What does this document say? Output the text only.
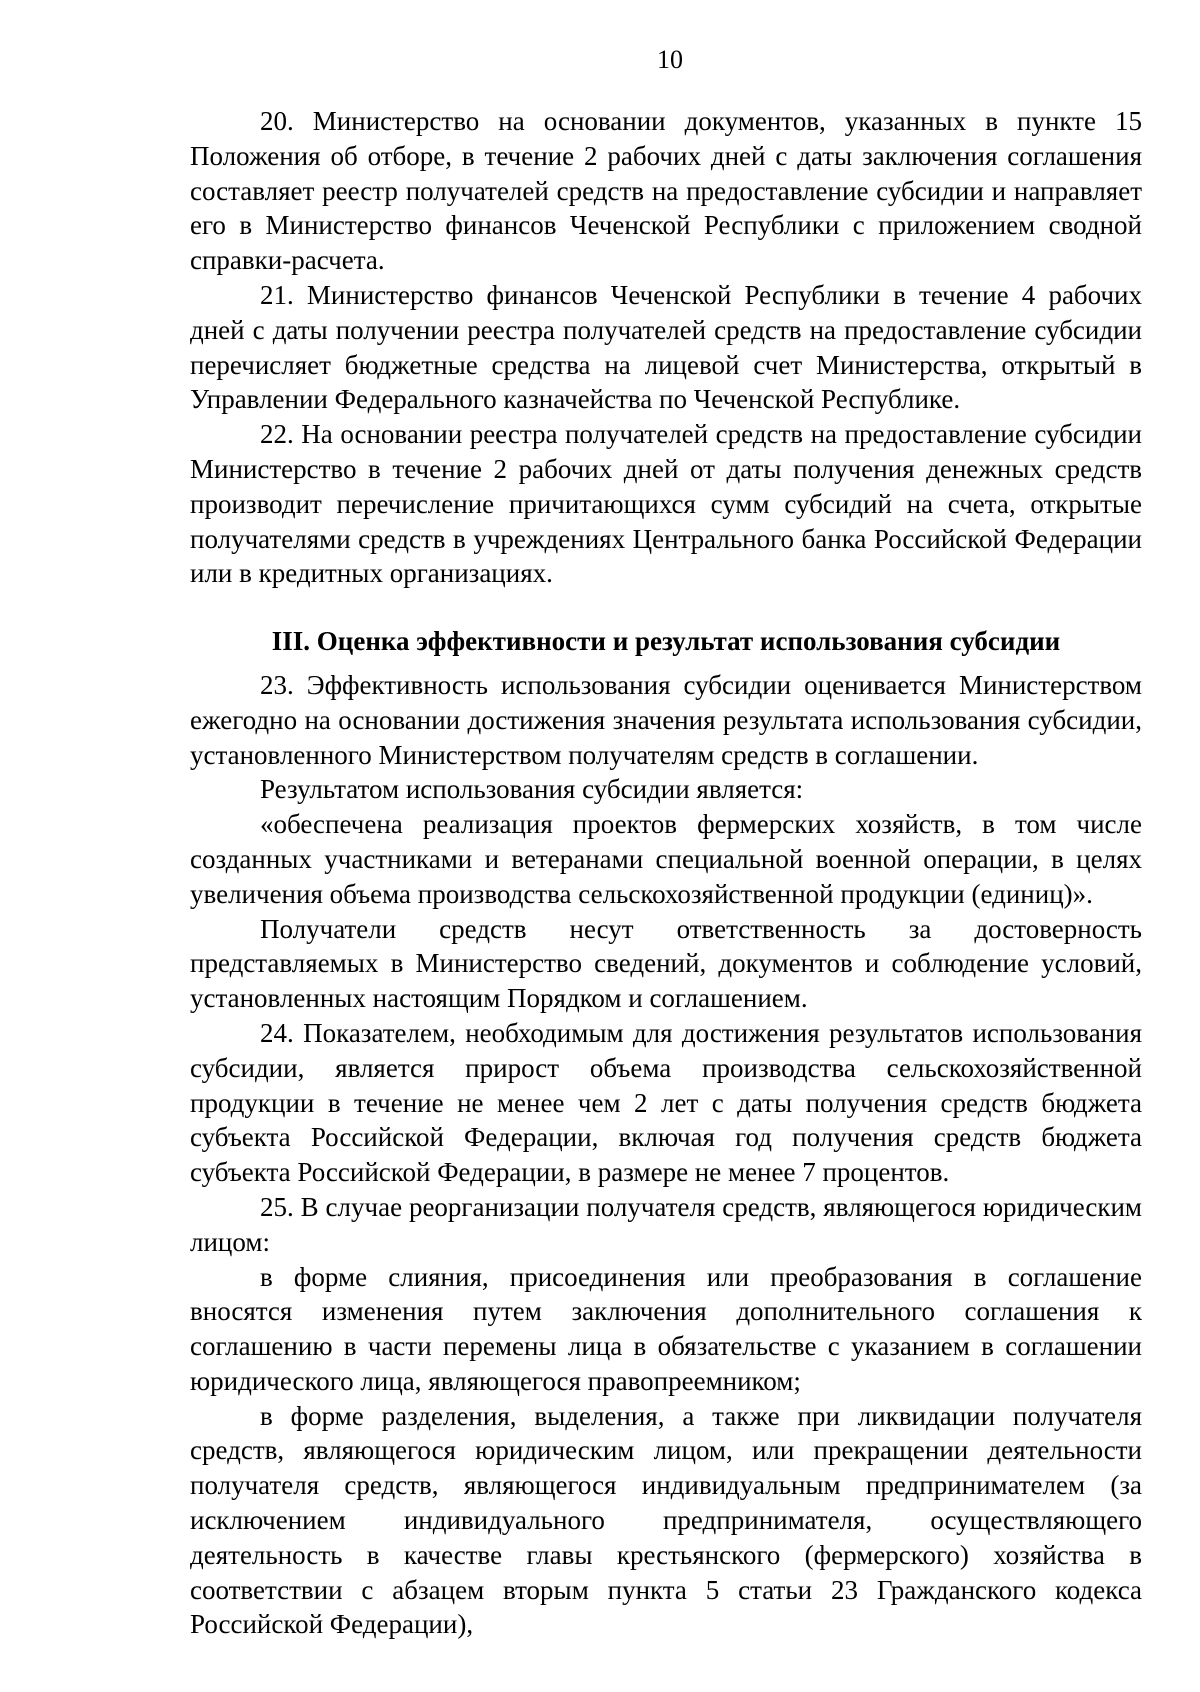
10

20. Министерство на основании документов, указанных в пункте 15 Положения об отборе, в течение 2 рабочих дней с даты заключения соглашения составляет реестр получателей средств на предоставление субсидии и направляет его в Министерство финансов Чеченской Республики с приложением сводной справки-расчета.

21. Министерство финансов Чеченской Республики в течение 4 рабочих дней с даты получении реестра получателей средств на предоставление субсидии перечисляет бюджетные средства на лицевой счет Министерства, открытый в Управлении Федерального казначейства по Чеченской Республике.

22. На основании реестра получателей средств на предоставление субсидии Министерство в течение 2 рабочих дней от даты получения денежных средств производит перечисление причитающихся сумм субсидий на счета, открытые получателями средств в учреждениях Центрального банка Российской Федерации или в кредитных организациях.

III. Оценка эффективности и результат использования субсидии

23. Эффективность использования субсидии оценивается Министерством ежегодно на основании достижения значения результата использования субсидии, установленного Министерством получателям средств в соглашении.

Результатом использования субсидии является:

«обеспечена реализация проектов фермерских хозяйств, в том числе созданных участниками и ветеранами специальной военной операции, в целях увеличения объема производства сельскохозяйственной продукции (единиц)».

Получатели средств несут ответственность за достоверность представляемых в Министерство сведений, документов и соблюдение условий, установленных настоящим Порядком и соглашением.

24. Показателем, необходимым для достижения результатов использования субсидии, является прирост объема производства сельскохозяйственной продукции в течение не менее чем 2 лет с даты получения средств бюджета субъекта Российской Федерации, включая год получения средств бюджета субъекта Российской Федерации, в размере не менее 7 процентов.

25. В случае реорганизации получателя средств, являющегося юридическим лицом:

в форме слияния, присоединения или преобразования в соглашение вносятся изменения путем заключения дополнительного соглашения к соглашению в части перемены лица в обязательстве с указанием в соглашении юридического лица, являющегося правопреемником;

в форме разделения, выделения, а также при ликвидации получателя средств, являющегося юридическим лицом, или прекращении деятельности получателя средств, являющегося индивидуальным предпринимателем (за исключением индивидуального предпринимателя, осуществляющего деятельность в качестве главы крестьянского (фермерского) хозяйства в соответствии с абзацем вторым пункта 5 статьи 23 Гражданского кодекса Российской Федерации),
